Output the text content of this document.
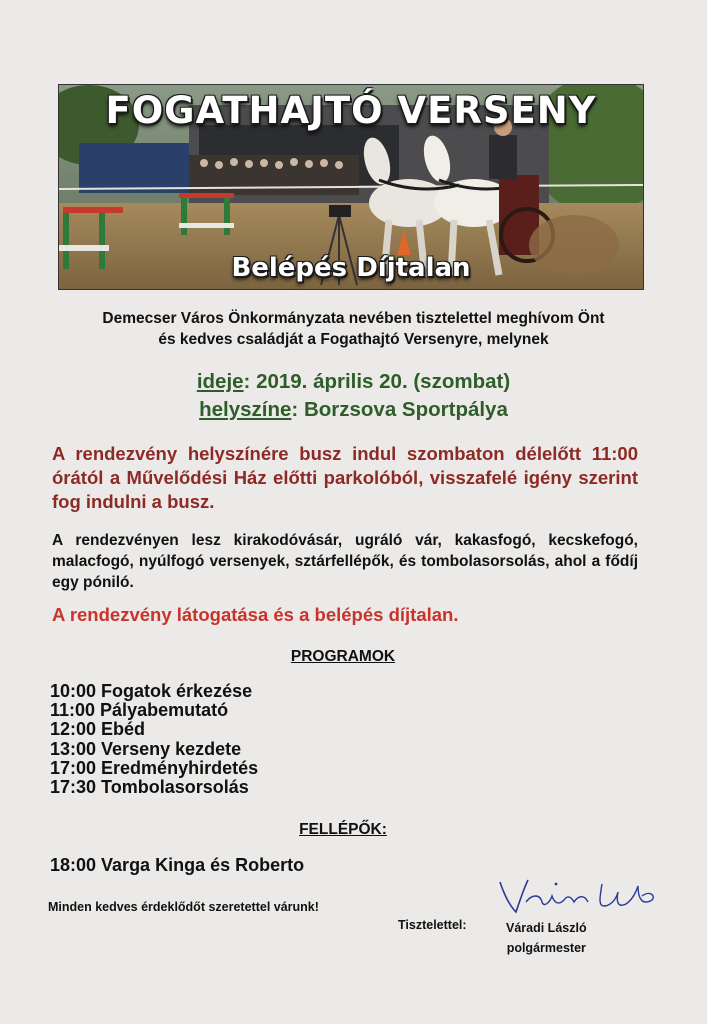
FOGATHAJTÓ VERSENY
Belépés Díjtalan
Demecser Város Önkormányzata nevében tisztelettel meghívom Önt
és kedves családját a Fogathajtó Versenyre, melynek
ideje: 2019. április 20. (szombat)
helyszíne: Borzsova Sportpálya
A rendezvény helyszínére busz indul szombaton délelőtt 11:00 órától a Művelődési Ház előtti parkolóból, visszafelé igény szerint fog indulni a busz.
A rendezvényen lesz kirakodóvásár, ugráló vár, kakasfogó, kecskefogó, malacfogó, nyúlfogó versenyek, sztárfellépők, és tombolasorsolás, ahol a fődíj egy póniló.
A rendezvény látogatása és a belépés díjtalan.
PROGRAMOK
10:00 Fogatok érkezése
11:00 Pályabemutató
12:00 Ebéd
13:00 Verseny kezdete
17:00 Eredményhirdetés
17:30 Tombolasorsolás
FELLÉPŐK:
18:00 Varga Kinga és Roberto
Minden kedves érdeklődőt szeretettel várunk!
Tisztelettel:	Váradi László
polgármester
